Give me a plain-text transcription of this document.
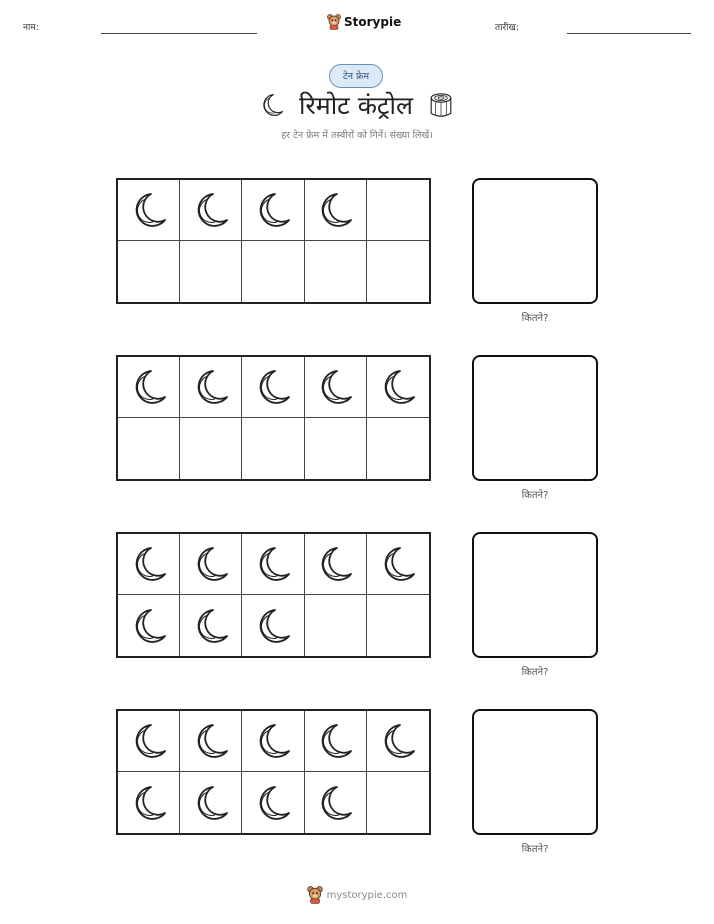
नाम:	Storypie	तारीख:
टेन फ्रेम
रिमोट कंट्रोल
हर टेन फ्रेम में तस्वीरों को गिनें। संख्या लिखें।
कितने?
कितने?
कितने?
कितने?
mystorypie.com
